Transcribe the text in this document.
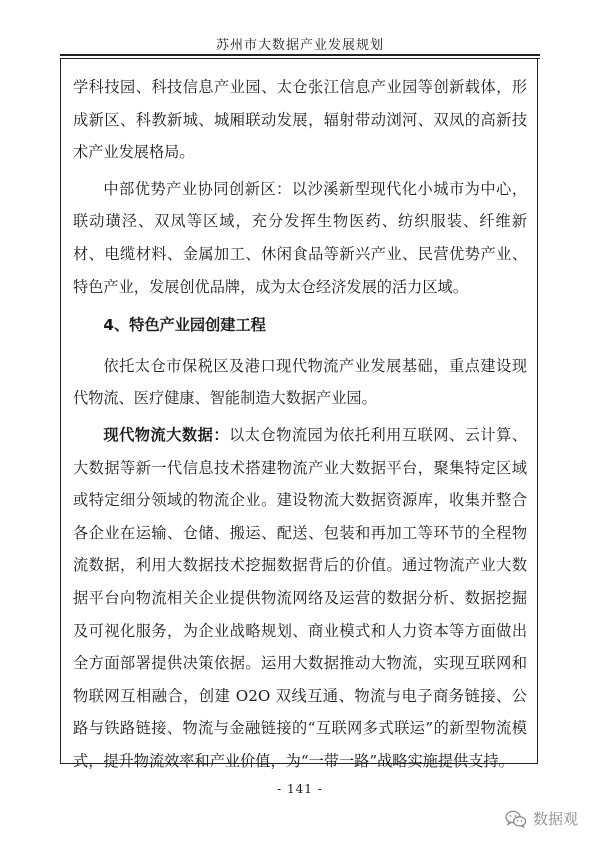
苏州市大数据产业发展规划

学科技园、科技信息产业园、太仓张江信息产业园等创新载体，形成新区、科教新城、城厢联动发展，辐射带动浏河、双凤的高新技术产业发展格局。

中部优势产业协同创新区：以沙溪新型现代化小城市为中心，联动璜泾、双凤等区域，充分发挥生物医药、纺织服装、纤维新材、电缆材料、金属加工、休闲食品等新兴产业、民营优势产业、特色产业，发展创优品牌，成为太仓经济发展的活力区域。

4、特色产业园创建工程

依托太仓市保税区及港口现代物流产业发展基础，重点建设现代物流、医疗健康、智能制造大数据产业园。

现代物流大数据：以太仓物流园为依托利用互联网、云计算、大数据等新一代信息技术搭建物流产业大数据平台，聚集特定区域或特定细分领域的物流企业。建设物流大数据资源库，收集并整合各企业在运输、仓储、搬运、配送、包装和再加工等环节的全程物流数据，利用大数据技术挖掘数据背后的价值。通过物流产业大数据平台向物流相关企业提供物流网络及运营的数据分析、数据挖掘及可视化服务，为企业战略规划、商业模式和人力资本等方面做出全方面部署提供决策依据。运用大数据推动大物流，实现互联网和物联网互相融合，创建 O2O 双线互通、物流与电子商务链接、公路与铁路链接、物流与金融链接的“互联网多式联运”的新型物流模式，提升物流效率和产业价值，为“一带一路”战略实施提供支持。

- 141 -
数据观
